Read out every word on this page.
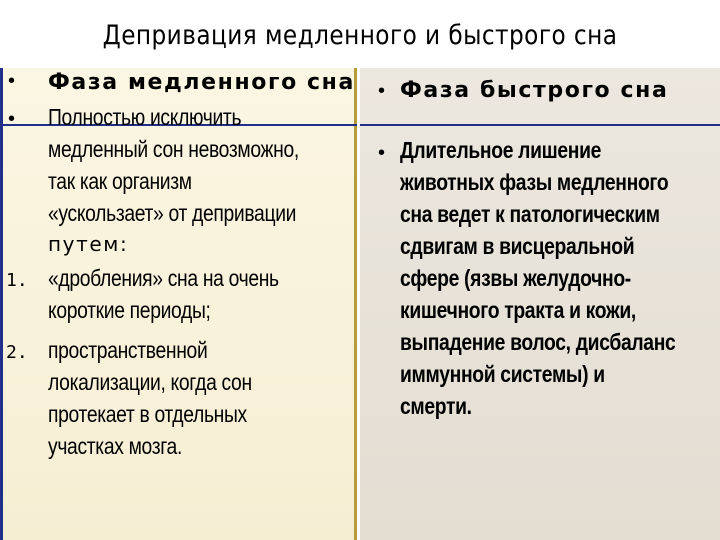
Депривация медленного и быстрого сна
• Фаза медленного сна
• Полностью исключить
медленный сон невозможно,
так как организм
«ускользает» от депривации
путем:
1. «дробления» сна на очень
короткие периоды;
2. пространственной
локализации, когда сон
протекает в отдельных
участках мозга.
• Фаза быстрого сна
• Длительное лишение
животных фазы медленного
сна ведет к патологическим
сдвигам в висцеральной
сфере (язвы желудочно-
кишечного тракта и кожи,
выпадение волос, дисбаланс
иммунной системы) и
смерти.
